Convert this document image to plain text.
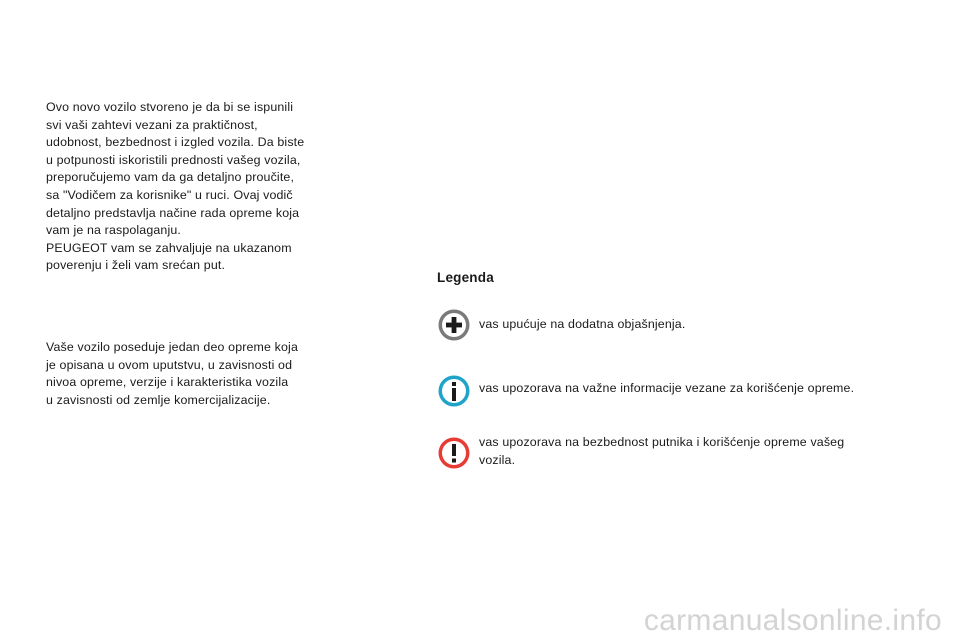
Ovo novo vozilo stvoreno je da bi se ispunili
svi vaši zahtevi vezani za praktičnost,
udobnost, bezbednost i izgled vozila. Da biste
u potpunosti iskoristili prednosti vašeg vozila,
preporučujemo vam da ga detaljno proučite,
sa "Vodičem za korisnike" u ruci. Ovaj vodič
detaljno predstavlja načine rada opreme koja
vam je na raspolaganju.
PEUGEOT vam se zahvaljuje na ukazanom
poverenju i želi vam srećan put.
Vaše vozilo poseduje jedan deo opreme koja
je opisana u ovom uputstvu, u zavisnosti od
nivoa opreme, verzije i karakteristika vozila
u zavisnosti od zemlje komercijalizacije.
Legenda
vas upućuje na dodatna objašnjenja.
vas upozorava na važne informacije vezane za korišćenje opreme.
vas upozorava na bezbednost putnika i korišćenje opreme vašeg
vozila.
carmanualsonline.info
